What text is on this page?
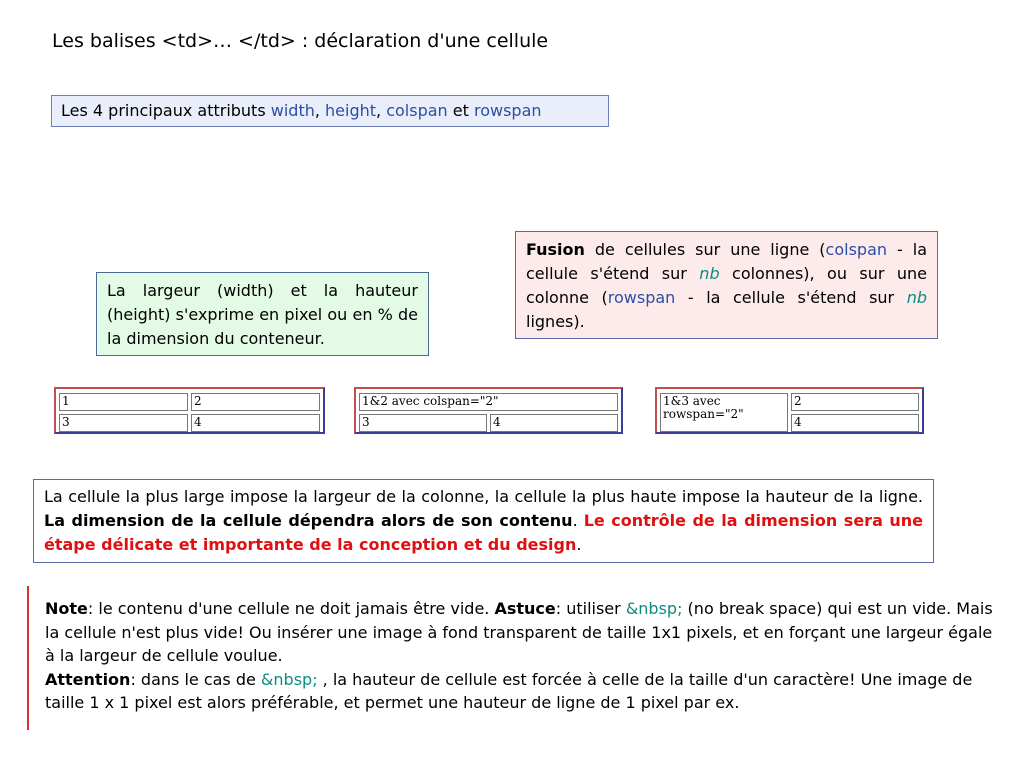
Les balises <td>… </td> : déclaration d'une cellule
Les 4 principaux attributs width, height, colspan et rowspan
La largeur (width) et la hauteur (height) s'exprime en pixel ou en % de la dimension du conteneur.
Fusion de cellules sur une ligne (colspan - la cellule s'étend sur nb colonnes), ou sur une colonne (rowspan - la cellule s'étend sur nb lignes).
1	2
3	4
1&2 avec colspan="2"
3	4
1&3 avec rowspan="2"	2
4
La cellule la plus large impose la largeur de la colonne, la cellule la plus haute impose la hauteur de la ligne. La dimension de la cellule dépendra alors de son contenu. Le contrôle de la dimension sera une étape délicate et importante de la conception et du design.
Note: le contenu d'une cellule ne doit jamais être vide. Astuce: utiliser &nbsp; (no break space) qui est un vide. Mais la cellule n'est plus vide! Ou insérer une image à fond transparent de taille 1x1 pixels, et en forçant une largeur égale à la largeur de cellule voulue.
Attention: dans le cas de &nbsp; , la hauteur de cellule est forcée à celle de la taille d'un caractère! Une image de taille 1 x 1 pixel est alors préférable, et permet une hauteur de ligne de 1 pixel par ex.
